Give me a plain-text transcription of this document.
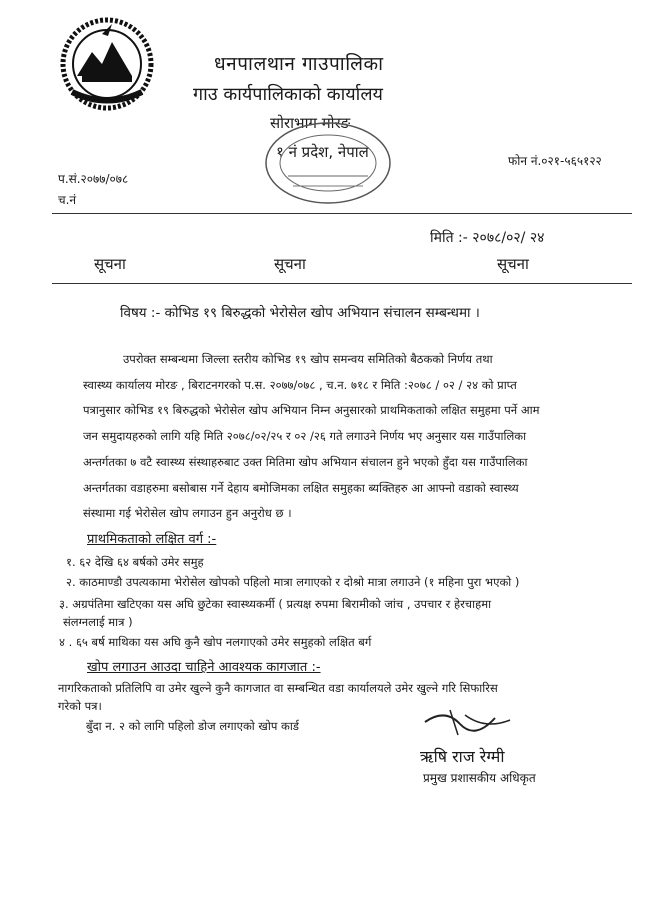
धनपालथान गाउपालिका
गाउ कार्यपालिकाको कार्यालय
सोराभाग मोरङ
१ नं प्रदेश, नेपाल
प.सं.२०७७/०७८
च.नं
फोन नं.०२१-५६५१२२
मिति :- २०७८/०२/ २४
सूचना	सूचना	सूचना
विषय :- कोभिड १९ बिरुद्धको भेरोसेल खोप अभियान संचालन सम्बन्धमा ।
उपरोक्त सम्बन्धमा जिल्ला स्तरीय कोभिड १९ खोप समन्वय समितिको बैठकको निर्णय तथा
स्वास्थ्य कार्यालय मोरङ , बिराटनगरको प.स. २०७७/०७८ , च.न. ७१८ र मिति :२०७८ / ०२ / २४ को प्राप्त
पत्रानुसार कोभिड १९ बिरुद्धको भेरोसेल खोप अभियान निम्न अनुसारको प्राथमिकताको लक्षित समुहमा पर्ने आम
जन समुदायहरुको लागि यहि मिति २०७८/०२/२५ र ०२ /२६ गते लगाउने निर्णय भए अनुसार यस गाउँपालिका
अन्तर्गतका ७ वटै स्वास्थ्य संस्थाहरुबाट उक्त मितिमा खोप अभियान संचालन हुने भएको हुँदा यस गाउँपालिका
अन्तर्गतका वडाहरुमा बसोबास गर्ने देहाय बमोजिमका लक्षित समुहका ब्यक्तिहरु आ आफ्नो वडाको स्वास्थ्य
संस्थामा गई भेरोसेल खोप लगाउन हुन अनुरोध छ ।
प्राथमिकताको लक्षित वर्ग :-
१. ६२ देखि ६४ बर्षको उमेर समुह
२. काठमाण्डौ उपत्यकामा भेरोसेल खोपको पहिलो मात्रा लगाएको र दोश्रो मात्रा लगाउने (१ महिना पुरा भएको )
३. अग्रपंतिमा खटिएका यस अघि छुटेका स्वास्थ्यकर्मी ( प्रत्यक्ष रुपमा बिरामीको जांच , उपचार र हेरचाहमा
संलग्नलाई मात्र )
४ . ६५ बर्ष माथिका यस अघि कुनै खोप नलगाएको उमेर समुहको लक्षित बर्ग
खोप लगाउन आउदा चाहिने आवश्यक कागजात :-
नागरिकताको प्रतिलिपि वा उमेर खुल्ने कुनै कागजात वा सम्बन्धित वडा कार्यालयले उमेर खुल्ने गरि सिफारिस
गरेको पत्र।
बुँदा न. २ को लागि पहिलो डोज लगाएको खोप कार्ड
ऋषि राज रेग्मी
प्रमुख प्रशासकीय अधिकृत
